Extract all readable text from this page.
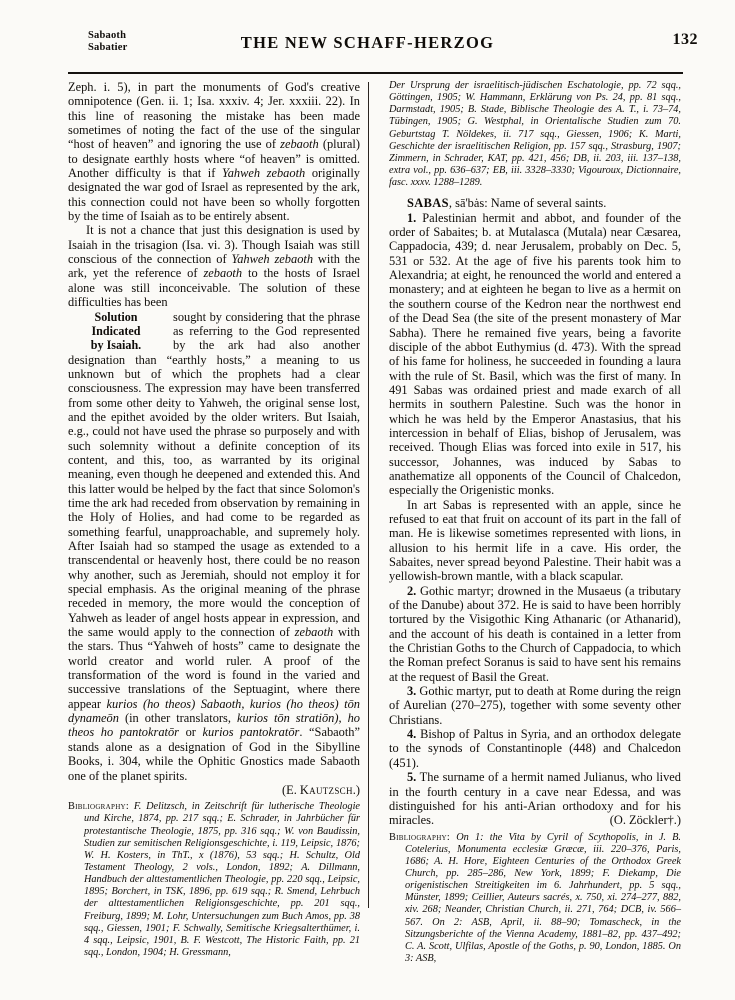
Sabaoth
Sabatier	THE NEW SCHAFF-HERZOG	132

Zeph. i. 5), in part the monuments of God's creative omnipotence (Gen. ii. 1; Isa. xxxiv. 4; Jer. xxxiii. 22). In this line of reasoning the mistake has been made sometimes of noting the fact of the use of the singular “host of heaven” and ignoring the use of zebaoth (plural) to designate earthly hosts where “of heaven” is omitted. Another difficulty is that if Yahweh zebaoth originally designated the war god of Israel as represented by the ark, this connection could not have been so wholly forgotten by the time of Isaiah as to be entirely absent.

It is not a chance that just this designation is used by Isaiah in the trisagion (Isa. vi. 3). Though Isaiah was still conscious of the connection of Yahweh zebaoth with the ark, yet the reference of zebaoth to the hosts of Israel alone was still inconceivable. The solution of these difficulties has been

Solution
Indicated
by Isaiah.

sought by considering that the phrase as referring to the God represented by the ark had also another designation than “earthly hosts,” a meaning to us unknown but of which the prophets had a clear consciousness. The expression may have been transferred from some other deity to Yahweh, the original sense lost, and the epithet avoided by the older writers. But Isaiah, e.g., could not have used the phrase so purposely and with such solemnity without a definite conception of its content, and this, too, as warranted by its original meaning, even though he deepened and extended this. And this latter would be helped by the fact that since Solomon's time the ark had receded from observation by remaining in the Holy of Holies, and had come to be regarded as something fearful, unapproachable, and supremely holy. After Isaiah had so stamped the usage as extended to a transcendental or heavenly host, there could be no reason why another, such as Jeremiah, should not employ it for special emphasis. As the original meaning of the phrase receded in memory, the more would the conception of Yahweh as leader of angel hosts appear in expression, and the same would apply to the connection of zebaoth with the stars. Thus “Yahweh of hosts” came to designate the world creator and world ruler. A proof of the transformation of the word is found in the varied and successive translations of the Septuagint, where there appear kurios (ho theos) Sabaoth, kurios (ho theos) tōn dynameōn (in other translators, kurios tōn stratiōn), ho theos ho pantokratōr or kurios pantokratōr. “Sabaoth” stands alone as a designation of God in the Sibylline Books, i. 304, while the Ophitic Gnostics made Sabaoth one of the planet spirits.

(E. Kautzsch.)

Bibliography: F. Delitzsch, in Zeitschrift für lutherische Theologie und Kirche, 1874, pp. 217 sqq.; E. Schrader, in Jahrbücher für protestantische Theologie, 1875, pp. 316 sqq.; W. von Baudissin, Studien zur semitischen Religionsgeschichte, i. 119, Leipsic, 1876; W. H. Kosters, in ThT., x (1876), 53 sqq.; H. Schultz, Old Testament Theology, 2 vols., London, 1892; A. Dillmann, Handbuch der alttestamentlichen Theologie, pp. 220 sqq., Leipsic, 1895; Borchert, in TSK, 1896, pp. 619 sqq.; R. Smend, Lehrbuch der alttestamentlichen Religionsgeschichte, pp. 201 sqq., Freiburg, 1899; M. Lohr, Untersuchungen zum Buch Amos, pp. 38 sqq., Giessen, 1901; F. Schwally, Semitische Kriegsalterthümer, i. 4 sqq., Leipsic, 1901, B. F. Westcott, The Historic Faith, pp. 21 sqq., London, 1904; H. Gressmann,

Der Ursprung der israelitisch-jüdischen Eschatologie, pp. 72 sqq., Göttingen, 1905; W. Hammann, Erklärung von Ps. 24, pp. 81 sqq., Darmstadt, 1905; B. Stade, Biblische Theologie des A. T., i. 73–74, Tübingen, 1905; G. Westphal, in Orientalische Studien zum 70. Geburtstag T. Nöldekes, ii. 717 sqq., Giessen, 1906; K. Marti, Geschichte der israelitischen Religion, pp. 157 sqq., Strasburg, 1907; Zimmern, in Schrader, KAT, pp. 421, 456; DB, ii. 203, iii. 137–138, extra vol., pp. 636–637; EB, iii. 3328–3330; Vigouroux, Dictionnaire, fasc. xxxv. 1288–1289.

SABAS, sā'bȧs: Name of several saints.

1. Palestinian hermit and abbot, and founder of the order of Sabaites; b. at Mutalasca (Mutala) near Cæsarea, Cappadocia, 439; d. near Jerusalem, probably on Dec. 5, 531 or 532. At the age of five his parents took him to Alexandria; at eight, he renounced the world and entered a monastery; and at eighteen he began to live as a hermit on the southern course of the Kedron near the northwest end of the Dead Sea (the site of the present monastery of Mar Sabha). There he remained five years, being a favorite disciple of the abbot Euthymius (d. 473). With the spread of his fame for holiness, he succeeded in founding a laura with the rule of St. Basil, which was the first of many. In 491 Sabas was ordained priest and made exarch of all hermits in southern Palestine. Such was the honor in which he was held by the Emperor Anastasius, that his intercession in behalf of Elias, bishop of Jerusalem, was received. Though Elias was forced into exile in 517, his successor, Johannes, was induced by Sabas to anathematize all opponents of the Council of Chalcedon, especially the Origenistic monks.

In art Sabas is represented with an apple, since he refused to eat that fruit on account of its part in the fall of man. He is likewise sometimes represented with lions, in allusion to his hermit life in a cave. His order, the Sabaites, never spread beyond Palestine. Their habit was a yellowish-brown mantle, with a black scapular.

2. Gothic martyr; drowned in the Musaeus (a tributary of the Danube) about 372. He is said to have been horribly tortured by the Visigothic King Athanaric (or Athanarid), and the account of his death is contained in a letter from the Christian Goths to the Church of Cappadocia, to which the Roman prefect Soranus is said to have sent his remains at the request of Basil the Great.

3. Gothic martyr, put to death at Rome during the reign of Aurelian (270–275), together with some seventy other Christians.

4. Bishop of Paltus in Syria, and an orthodox delegate to the synods of Constantinople (448) and Chalcedon (451).

5. The surname of a hermit named Julianus, who lived in the fourth century in a cave near Edessa, and was distinguished for his anti-Arian orthodoxy and for his miracles.	(O. Zöckler†.)

Bibliography: On 1: the Vita by Cyril of Scythopolis, in J. B. Cotelerius, Monumenta ecclesiæ Græcæ, iii. 220–376, Paris, 1686; A. H. Hore, Eighteen Centuries of the Orthodox Greek Church, pp. 285–286, New York, 1899; F. Diekamp, Die origenistischen Streitigkeiten im 6. Jahrhundert, pp. 5 sqq., Münster, 1899; Ceillier, Auteurs sacrés, x. 750, xi. 274–277, 882, xiv. 268; Neander, Christian Church, ii. 271, 764; DCB, iv. 566–567. On 2: ASB, April, ii. 88–90; Tomascheck, in the Sitzungsberichte of the Vienna Academy, 1881–82, pp. 437–492; C. A. Scott, Ulfilas, Apostle of the Goths, p. 90, London, 1885. On 3: ASB,
